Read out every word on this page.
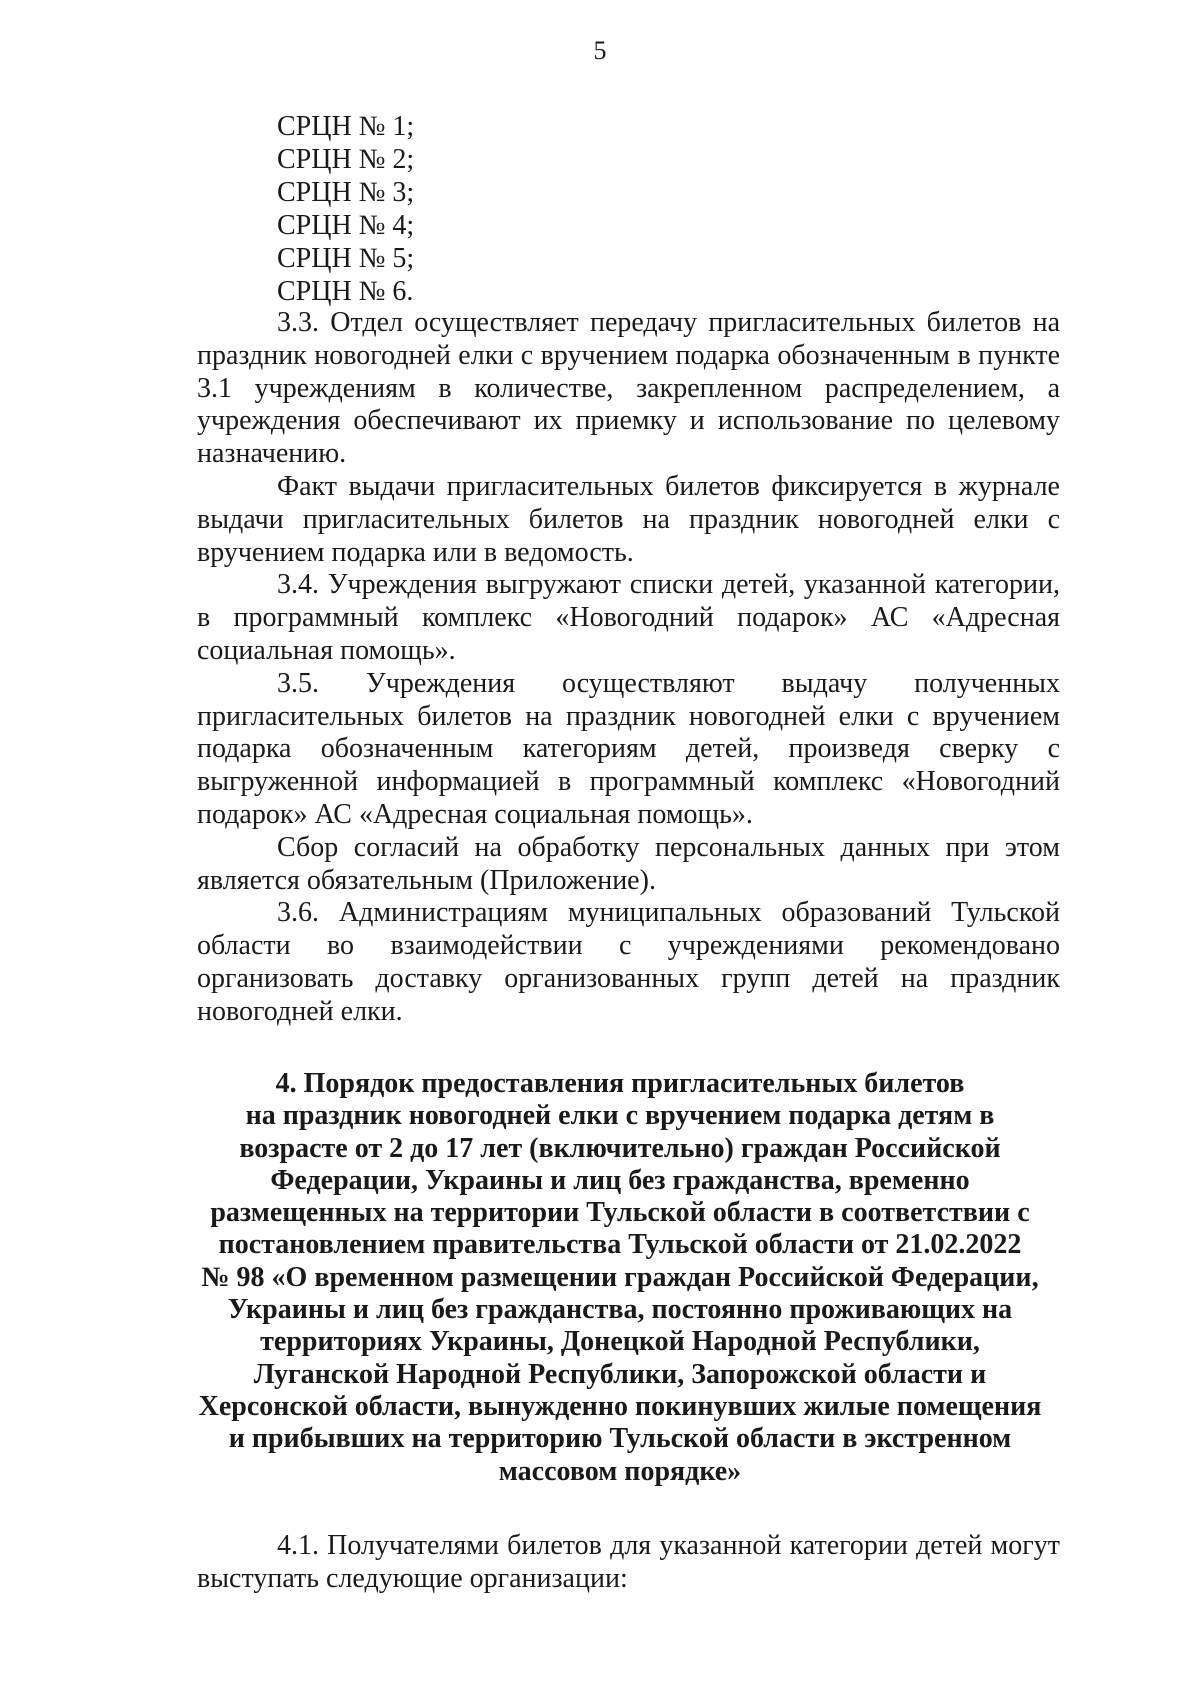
5
СРЦН № 1;
СРЦН № 2;
СРЦН № 3;
СРЦН № 4;
СРЦН № 5;
СРЦН № 6.

3.3. Отдел осуществляет передачу пригласительных билетов на праздник новогодней елки с вручением подарка обозначенным в пункте 3.1 учреждениям в количестве, закрепленном распределением, а учреждения обеспечивают их приемку и использование по целевому назначению.

Факт выдачи пригласительных билетов фиксируется в журнале выдачи пригласительных билетов на праздник новогодней елки с вручением подарка или в ведомость.

3.4. Учреждения выгружают списки детей, указанной категории, в программный комплекс «Новогодний подарок» АС «Адресная социальная помощь».

3.5. Учреждения осуществляют выдачу полученных пригласительных билетов на праздник новогодней елки с вручением подарка обозначенным категориям детей, произведя сверку с выгруженной информацией в программный комплекс «Новогодний подарок» АС «Адресная социальная помощь».

Сбор согласий на обработку персональных данных при этом является обязательным (Приложение).

3.6. Администрациям муниципальных образований Тульской области во взаимодействии с учреждениями рекомендовано организовать доставку организованных групп детей на праздник новогодней елки.

4. Порядок предоставления пригласительных билетов
на праздник новогодней елки с вручением подарка детям в
возрасте от 2 до 17 лет (включительно) граждан Российской
Федерации, Украины и лиц без гражданства, временно
размещенных на территории Тульской области в соответствии с
постановлением правительства Тульской области от 21.02.2022
№ 98 «О временном размещении граждан Российской Федерации,
Украины и лиц без гражданства, постоянно проживающих на
территориях Украины, Донецкой Народной Республики,
Луганской Народной Республики, Запорожской области и
Херсонской области, вынужденно покинувших жилые помещения
и прибывших на территорию Тульской области в экстренном
массовом порядке»

4.1. Получателями билетов для указанной категории детей могут выступать следующие организации:
